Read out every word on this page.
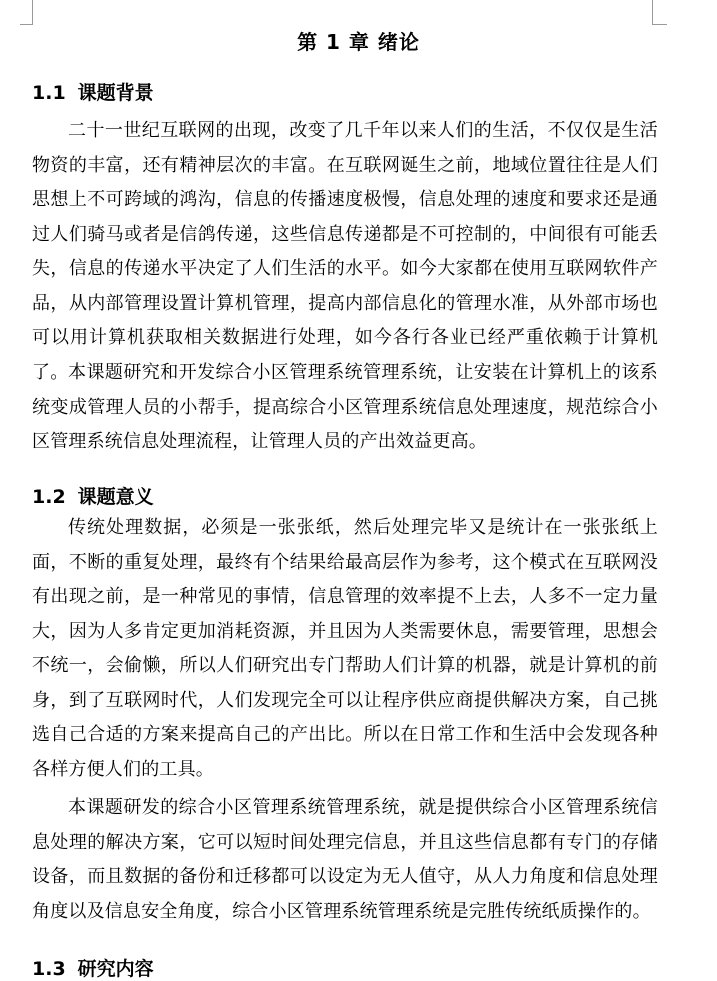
第 1 章 绪论
1.1 课题背景

二十一世纪互联网的出现，改变了几千年以来人们的生活，不仅仅是生活物资的丰富，还有精神层次的丰富。在互联网诞生之前，地域位置往往是人们思想上不可跨域的鸿沟，信息的传播速度极慢，信息处理的速度和要求还是通过人们骑马或者是信鸽传递，这些信息传递都是不可控制的，中间很有可能丢失，信息的传递水平决定了人们生活的水平。如今大家都在使用互联网软件产品，从内部管理设置计算机管理，提高内部信息化的管理水准，从外部市场也可以用计算机获取相关数据进行处理，如今各行各业已经严重依赖于计算机了。 本课题研究和开发综合小区管理系统管理系统，让安装在计算机上的该系统变成管理人员的小帮手，提高综合小区管理系统信息处理速度，规范综合小区管理系统信息处理流程，让管理人员的产出效益更高。

1.2 课题意义

传统处理数据，必须是一张张纸，然后处理完毕又是统计在一张张纸上面，不断的重复处理，最终有个结果给最高层作为参考，这个模式在互联网没有出现之前，是一种常见的事情，信息管理的效率提不上去，人多不一定力量大，因为人多肯定更加消耗资源，并且因为人类需要休息，需要管理，思想会不统一，会偷懒，所以人们研究出专门帮助人们计算的机器，就是计算机的前身，到了互联网时代，人们发现完全可以让程序供应商提供解决方案，自己挑选自己合适的方案来提高自己的产出比。所以在日常工作和生活中会发现各种各样方便人们的工具。

本课题研发的综合小区管理系统管理系统，就是提供综合小区管理系统信息处理的解决方案，它可以短时间处理完信息，并且这些信息都有专门的存储设备，而且数据的备份和迁移都可以设定为无人值守，从人力角度和信息处理角度以及信息安全角度，综合小区管理系统管理系统是完胜传统纸质操作的。

1.3 研究内容
